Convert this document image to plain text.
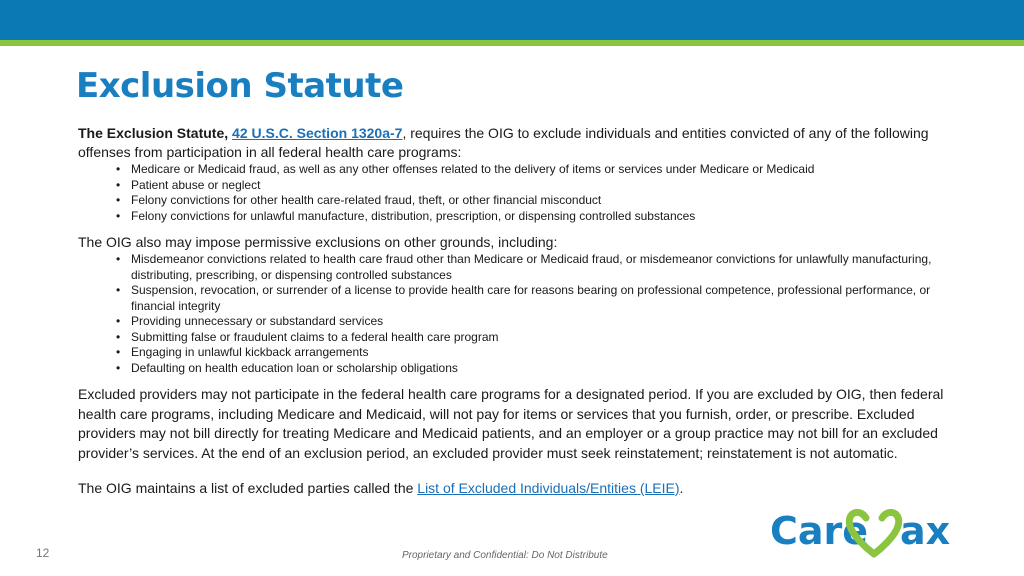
Exclusion Statute

The Exclusion Statute, 42 U.S.C. Section 1320a-7, requires the OIG to exclude individuals and entities convicted of any of the following offenses from participation in all federal health care programs:

• Medicare or Medicaid fraud, as well as any other offenses related to the delivery of items or services under Medicare or Medicaid
• Patient abuse or neglect
• Felony convictions for other health care-related fraud, theft, or other financial misconduct
• Felony convictions for unlawful manufacture, distribution, prescription, or dispensing controlled substances

The OIG also may impose permissive exclusions on other grounds, including:

• Misdemeanor convictions related to health care fraud other than Medicare or Medicaid fraud, or misdemeanor convictions for unlawfully manufacturing, distributing, prescribing, or dispensing controlled substances
• Suspension, revocation, or surrender of a license to provide health care for reasons bearing on professional competence, professional performance, or financial integrity
• Providing unnecessary or substandard services
• Submitting false or fraudulent claims to a federal health care program
• Engaging in unlawful kickback arrangements
• Defaulting on health education loan or scholarship obligations

Excluded providers may not participate in the federal health care programs for a designated period. If you are excluded by OIG, then federal health care programs, including Medicare and Medicaid, will not pay for items or services that you furnish, order, or prescribe. Excluded providers may not bill directly for treating Medicare and Medicaid patients, and an employer or a group practice may not bill for an excluded provider’s services. At the end of an exclusion period, an excluded provider must seek reinstatement; reinstatement is not automatic.

The OIG maintains a list of excluded parties called the List of Excluded Individuals/Entities (LEIE).

12	Proprietary and Confidential: Do Not Distribute
Care ax
